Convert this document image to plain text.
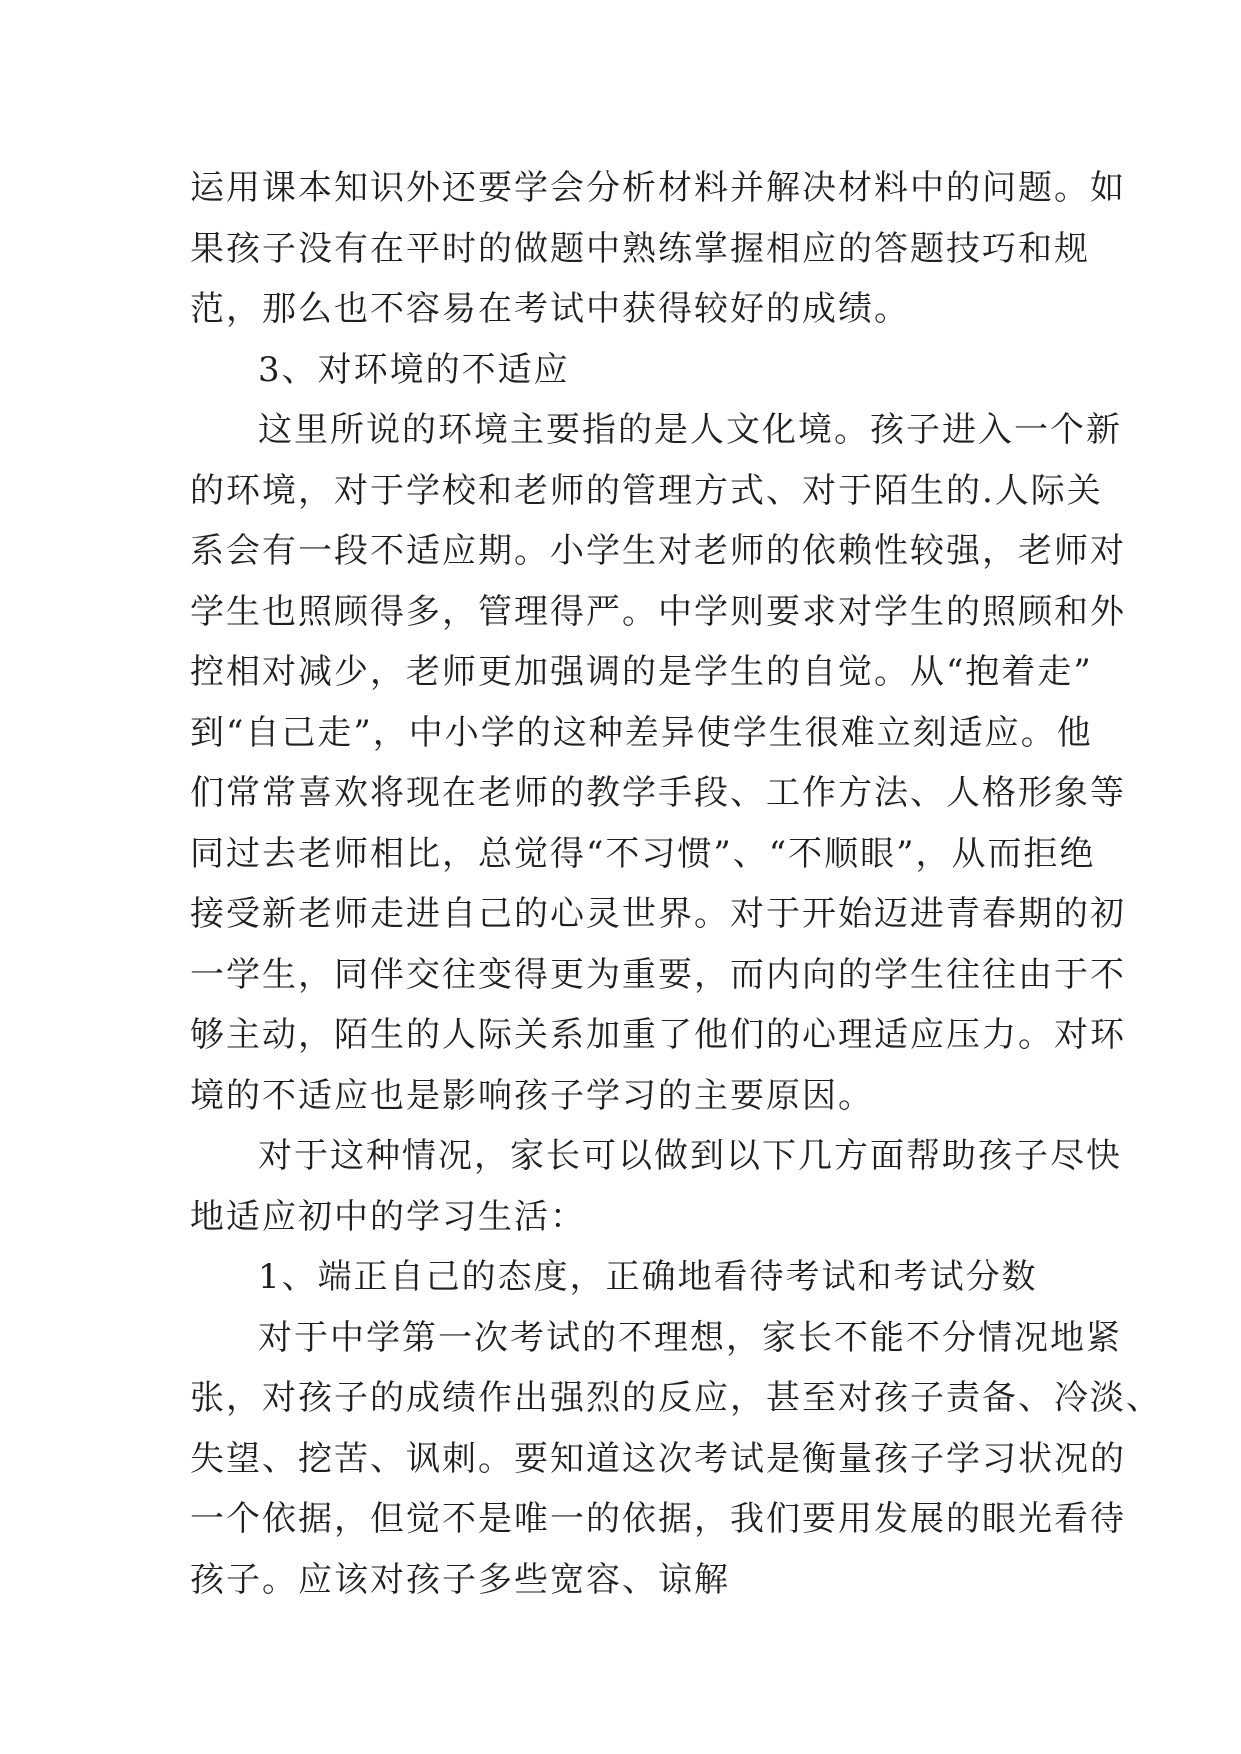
运用课本知识外还要学会分析材料并解决材料中的问题。如
果孩子没有在平时的做题中熟练掌握相应的答题技巧和规
范，那么也不容易在考试中获得较好的成绩。
3、对环境的不适应
这里所说的环境主要指的是人文化境。孩子进入一个新
的环境，对于学校和老师的管理方式、对于陌生的.人际关
系会有一段不适应期。小学生对老师的依赖性较强，老师对
学生也照顾得多，管理得严。中学则要求对学生的照顾和外
控相对减少，老师更加强调的是学生的自觉。从“抱着走”
到“自己走”，中小学的这种差异使学生很难立刻适应。他
们常常喜欢将现在老师的教学手段、工作方法、人格形象等
同过去老师相比，总觉得“不习惯”、“不顺眼”，从而拒绝
接受新老师走进自己的心灵世界。对于开始迈进青春期的初
一学生，同伴交往变得更为重要，而内向的学生往往由于不
够主动，陌生的人际关系加重了他们的心理适应压力。对环
境的不适应也是影响孩子学习的主要原因。
对于这种情况，家长可以做到以下几方面帮助孩子尽快
地适应初中的学习生活：
1、端正自己的态度，正确地看待考试和考试分数
对于中学第一次考试的不理想，家长不能不分情况地紧
张，对孩子的成绩作出强烈的反应，甚至对孩子责备、冷淡、
失望、挖苦、讽刺。要知道这次考试是衡量孩子学习状况的
一个依据，但觉不是唯一的依据，我们要用发展的眼光看待
孩子。应该对孩子多些宽容、谅解
